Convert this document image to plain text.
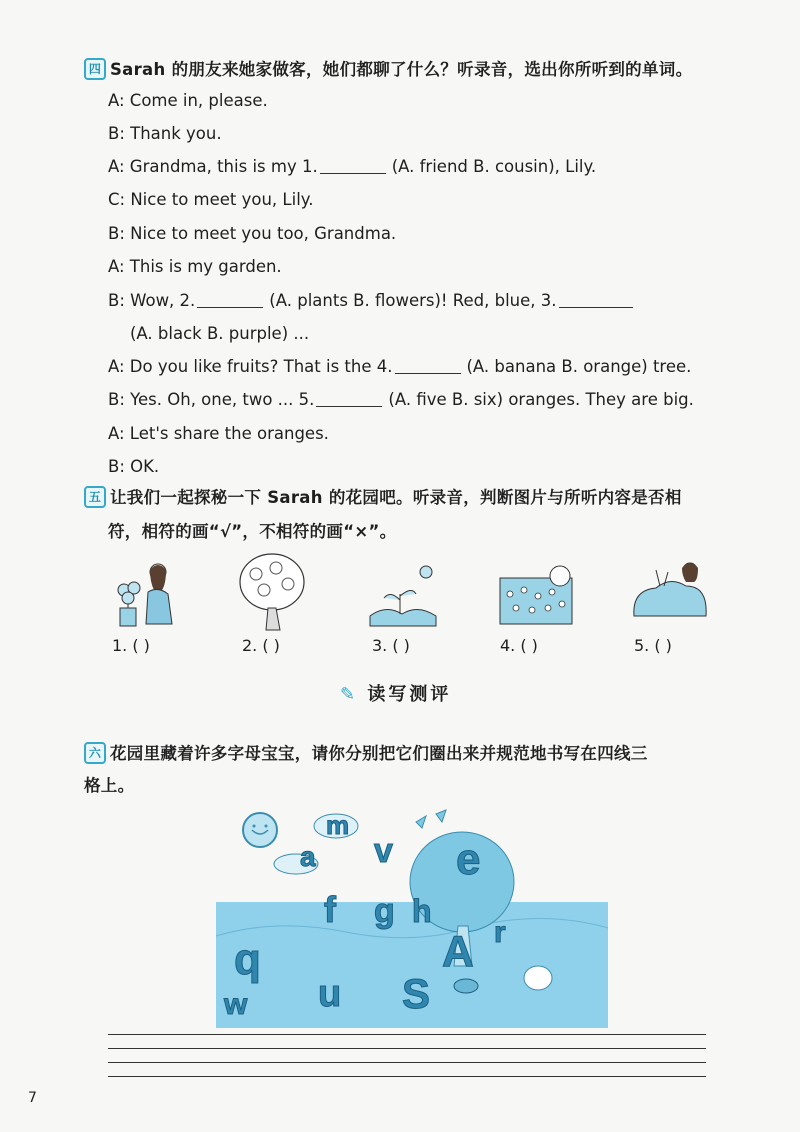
四 Sarah 的朋友来她家做客，她们都聊了什么？听录音，选出你所听到的单词。
A: Come in, please.
B: Thank you.
A: Grandma, this is my 1.	(A. friend B. cousin), Lily.
C: Nice to meet you, Lily.
B: Nice to meet you too, Grandma.
A: This is my garden.
B: Wow, 2.	(A. plants B. flowers)! Red, blue, 3.
(A. black B. purple) ...
A: Do you like fruits? That is the 4.	(A. banana B. orange) tree.
B: Yes. Oh, one, two ... 5.	(A. five B. six) oranges. They are big.
A: Let's share the oranges.
B: OK.
五 让我们一起探秘一下 Sarah 的花园吧。听录音，判断图片与所听内容是否相
符，相符的画“√”，不相符的画“×”。
1. ( )	2. ( )	3. ( )	4. ( )	5. ( )
✎ 读写测评
六 花园里藏着许多字母宝宝，请你分别把它们圈出来并规范地书写在四线三
格上。
a
m
v e
f g h
A r
u S
q
w
7
